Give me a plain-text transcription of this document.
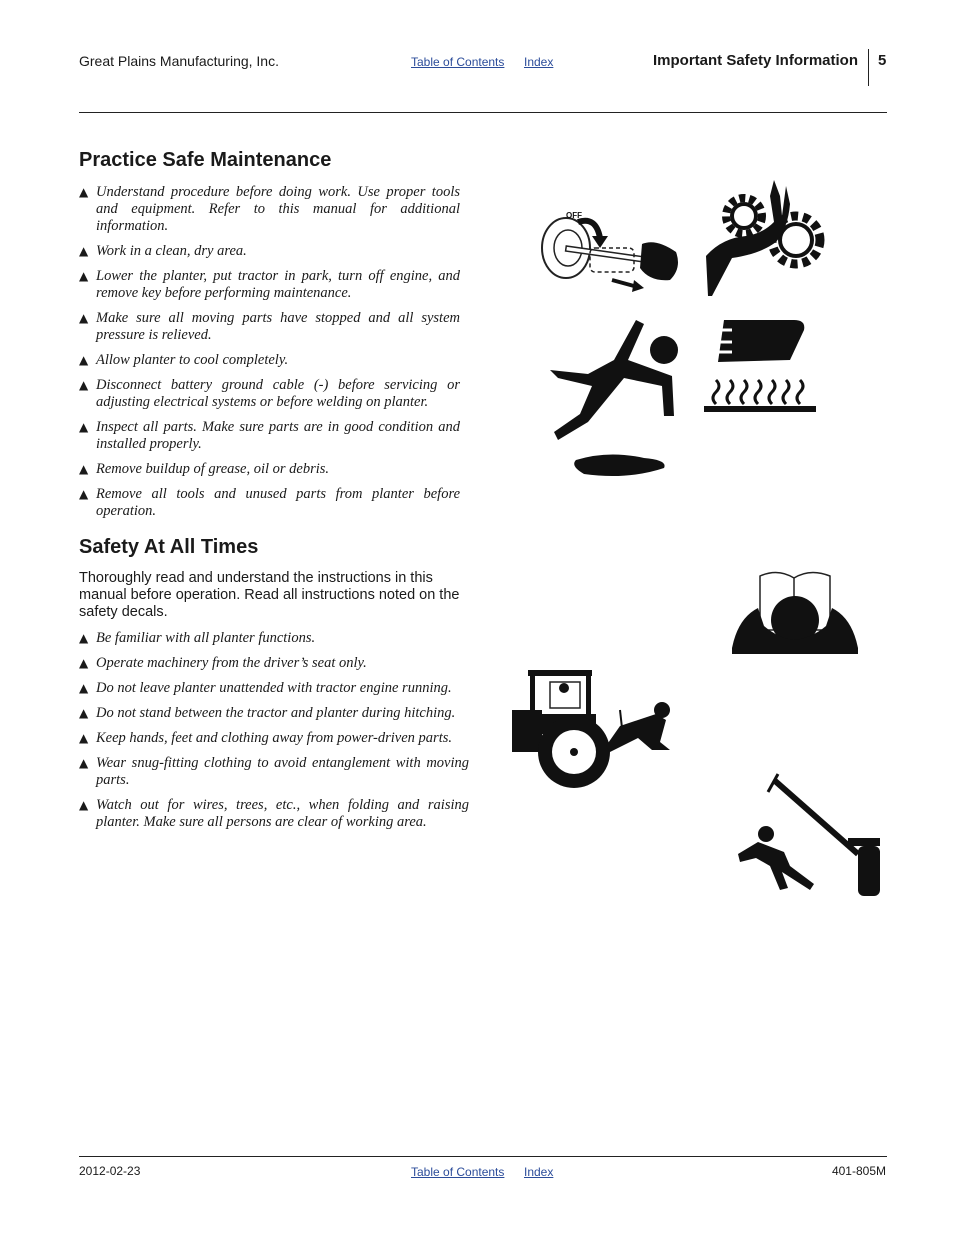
Great Plains Manufacturing, Inc.	Table of Contents Index	Important Safety Information 5
Practice Safe Maintenance
▲ Understand procedure before doing work. Use proper tools and equipment. Refer to this manual for additional information.
▲ Work in a clean, dry area.
▲ Lower the planter, put tractor in park, turn off engine, and remove key before performing maintenance.
▲ Make sure all moving parts have stopped and all system pressure is relieved.
▲ Allow planter to cool completely.
▲ Disconnect battery ground cable (-) before servicing or adjusting electrical systems or before welding on planter.
▲ Inspect all parts. Make sure parts are in good condition and installed properly.
▲ Remove buildup of grease, oil or debris.
▲ Remove all tools and unused parts from planter before operation.
Safety At All Times
Thoroughly read and understand the instructions in this manual before operation. Read all instructions noted on the safety decals.
▲ Be familiar with all planter functions.
▲ Operate machinery from the driver’s seat only.
▲ Do not leave planter unattended with tractor engine running.
▲ Do not stand between the tractor and planter during hitching.
▲ Keep hands, feet and clothing away from power-driven parts.
▲ Wear snug-fitting clothing to avoid entanglement with moving parts.
▲ Watch out for wires, trees, etc., when folding and raising planter. Make sure all persons are clear of working area.
OFF
2012-02-23	Table of Contents Index	401-805M
